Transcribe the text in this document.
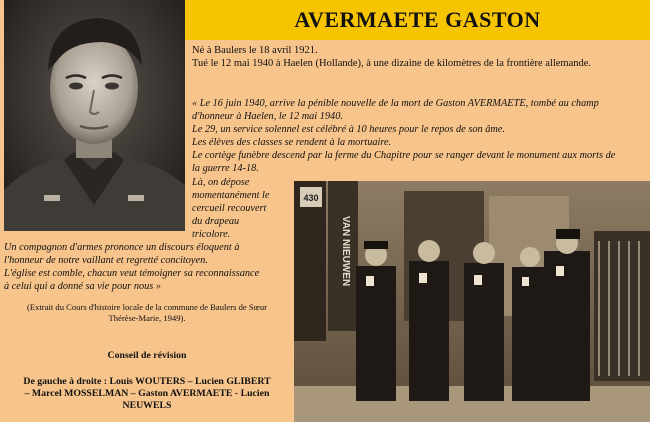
AVERMAETE GASTON
Né à Baulers le 18 avril 1921.
Tué le 12 mai 1940 à Haelen (Hollande), à une dizaine de kilomètres de la frontière allemande.
« Le 16 juin 1940, arrive la pénible nouvelle de la mort de Gaston AVERMAETE, tombé au champ
d'honneur à Haelen, le 12 mai 1940.
Le 29, un service solennel est célébré à 10 heures pour le repos de son âme.
Les élèves des classes se rendent à la mortuaire.
Le cortège funèbre descend par la ferme du Chapitre pour se ranger devant le monument aux morts de
la guerre 14-18.
Là, on dépose
momentanément le
cercueil recouvert
du drapeau
tricolore.
Un compagnon d'armes prononce un discours éloquent à
l'honneur de notre vaillant et regretté concitoyen.
L'église est comble, chacun veut témoigner sa reconnaissance
à celui qui a donné sa vie pour nous »
(Extrait du Cours d'histoire locale de la commune de Baulers de Sœur
Thérèse-Marie, 1949).
Conseil de révision
De gauche à droite : Louis WOUTERS – Lucien GLIBERT
– Marcel MOSSELMAN – Gaston AVERMAETE - Lucien
NEUWELS
430
VAN NIEUWEN
